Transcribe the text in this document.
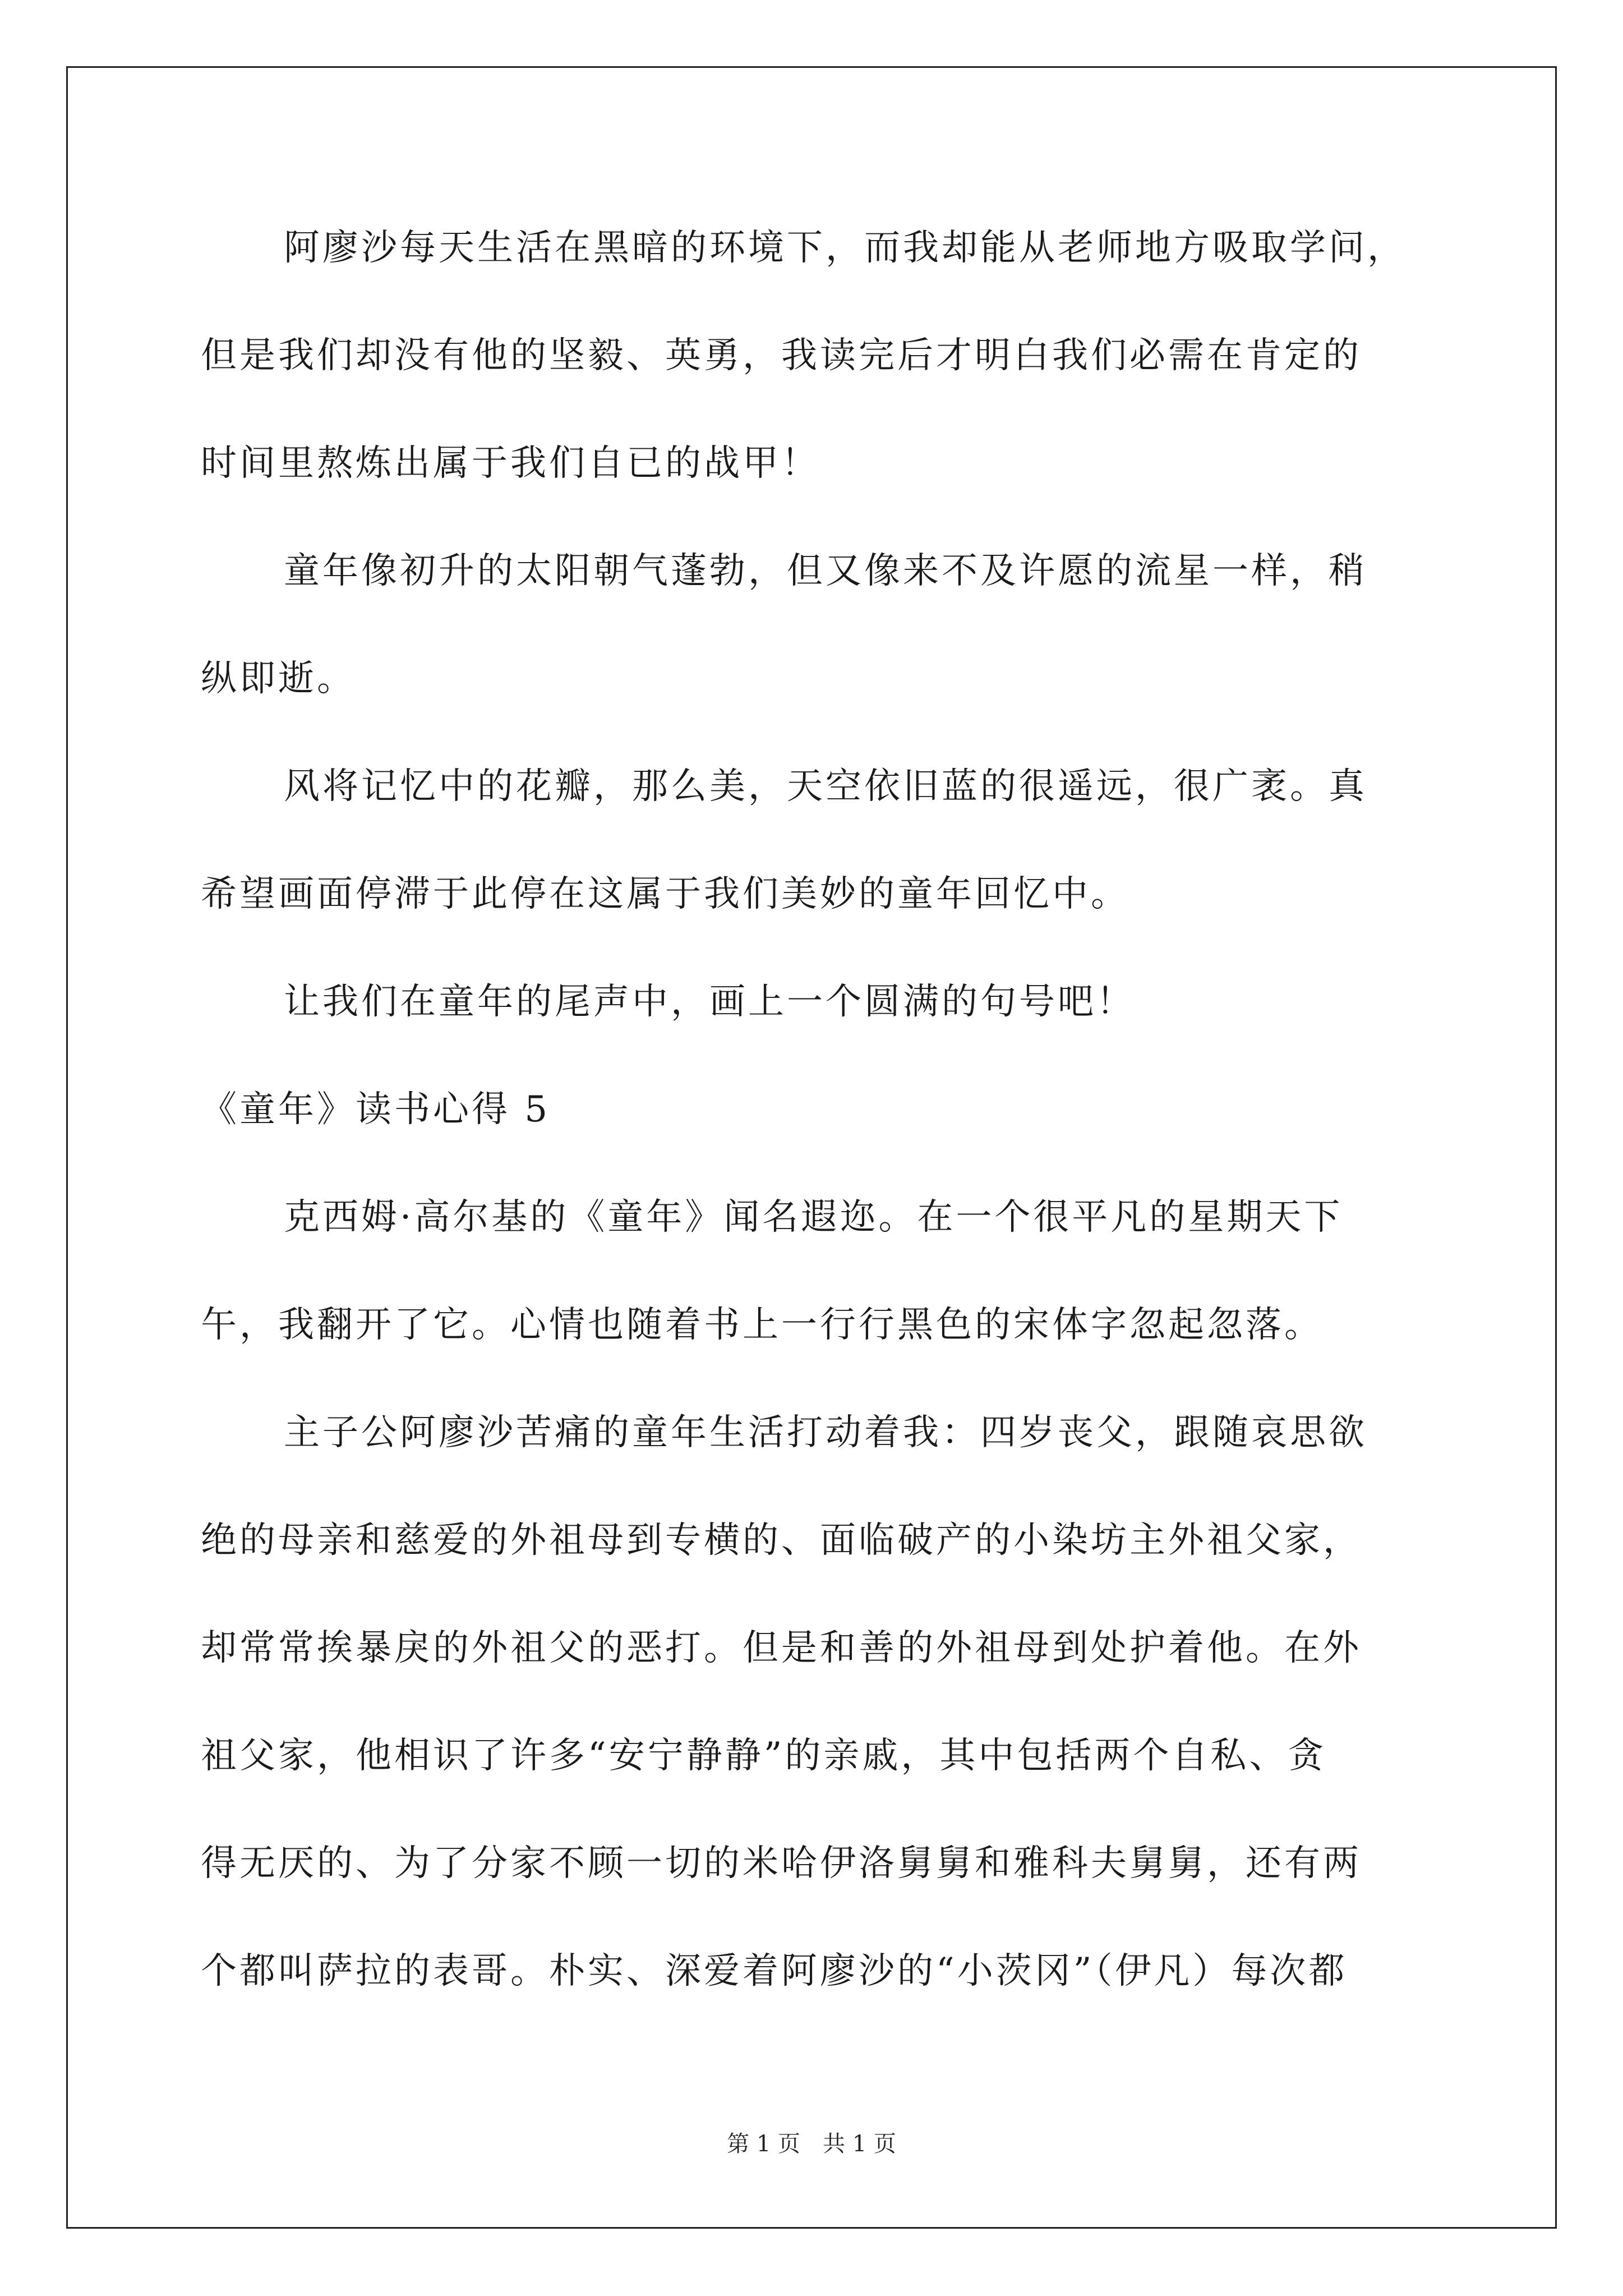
阿廖沙每天生活在黑暗的环境下，而我却能从老师地方吸取学问，
但是我们却没有他的坚毅、英勇，我读完后才明白我们必需在肯定的
时间里熬炼出属于我们自已的战甲！
童年像初升的太阳朝气蓬勃，但又像来不及许愿的流星一样，稍
纵即逝。
风将记忆中的花瓣，那么美，天空依旧蓝的很遥远，很广袤。真
希望画面停滞于此停在这属于我们美妙的童年回忆中。
让我们在童年的尾声中，画上一个圆满的句号吧！
《童年》读书心得 5
克西姆·高尔基的《童年》闻名遐迩。在一个很平凡的星期天下
午，我翻开了它。心情也随着书上一行行黑色的宋体字忽起忽落。
主子公阿廖沙苦痛的童年生活打动着我：四岁丧父，跟随哀思欲
绝的母亲和慈爱的外祖母到专横的、面临破产的小染坊主外祖父家，
却常常挨暴戾的外祖父的恶打。但是和善的外祖母到处护着他。在外
祖父家，他相识了许多“安宁静静”的亲戚，其中包括两个自私、贪
得无厌的、为了分家不顾一切的米哈伊洛舅舅和雅科夫舅舅，还有两
个都叫萨拉的表哥。朴实、深爱着阿廖沙的“小茨冈”（伊凡）每次都
第 1 页　共 1 页
